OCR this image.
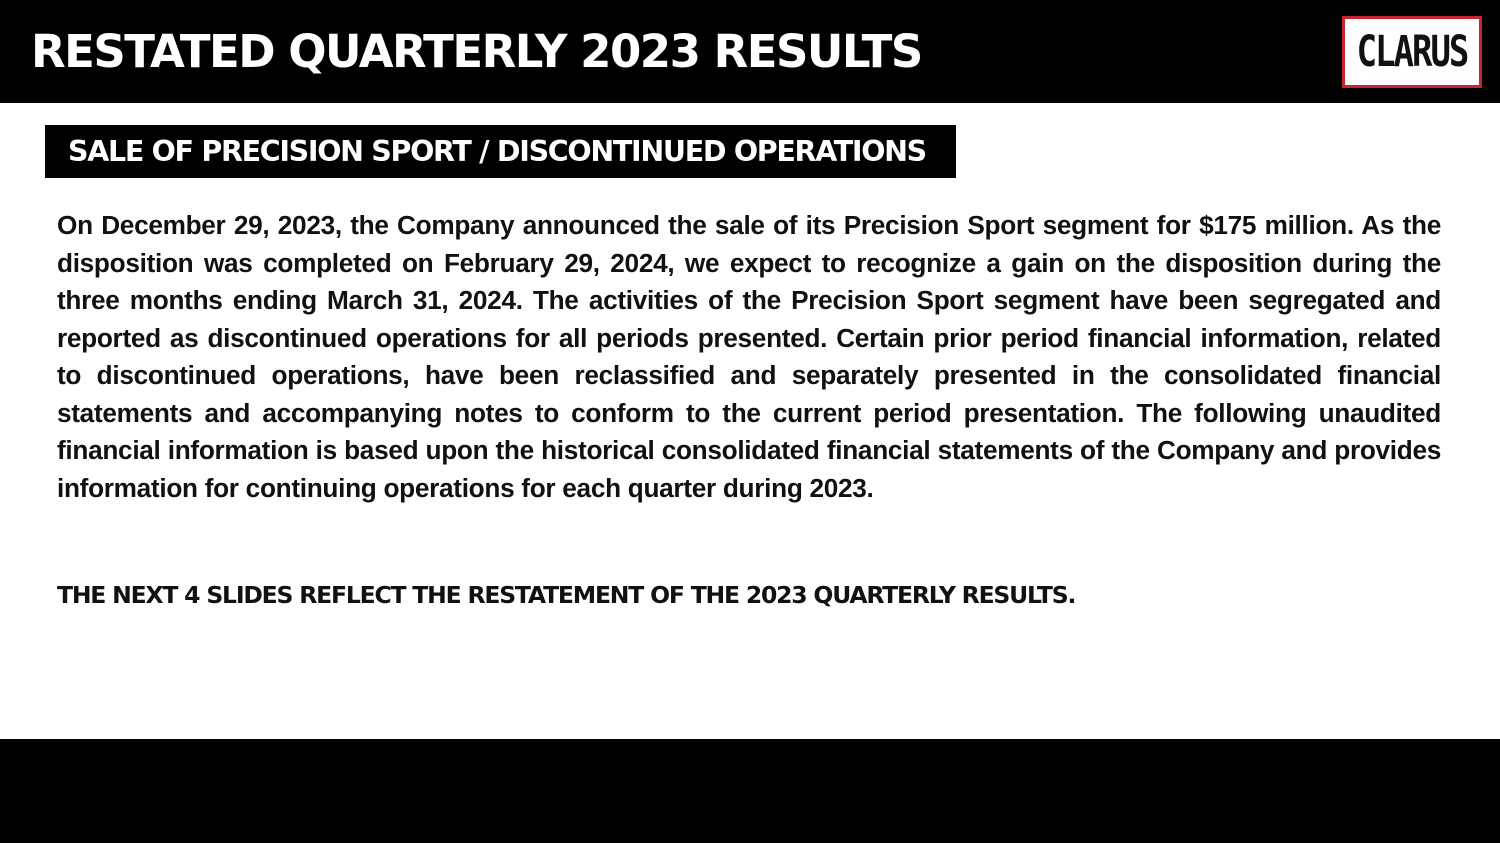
RESTATED QUARTERLY 2023 RESULTS	CLARUS
SALE OF PRECISION SPORT / DISCONTINUED OPERATIONS

On December 29, 2023, the Company announced the sale of its Precision Sport segment for $175 million. As the disposition was completed on February 29, 2024, we expect to recognize a gain on the disposition during the three months ending March 31, 2024. The activities of the Precision Sport segment have been segregated and reported as discontinued operations for all periods presented. Certain prior period financial information, related to discontinued operations, have been reclassified and separately presented in the consolidated financial statements and accompanying notes to conform to the current period presentation. The following unaudited financial information is based upon the historical consolidated financial statements of the Company and provides information for continuing operations for each quarter during 2023.

THE NEXT 4 SLIDES REFLECT THE RESTATEMENT OF THE 2023 QUARTERLY RESULTS.
